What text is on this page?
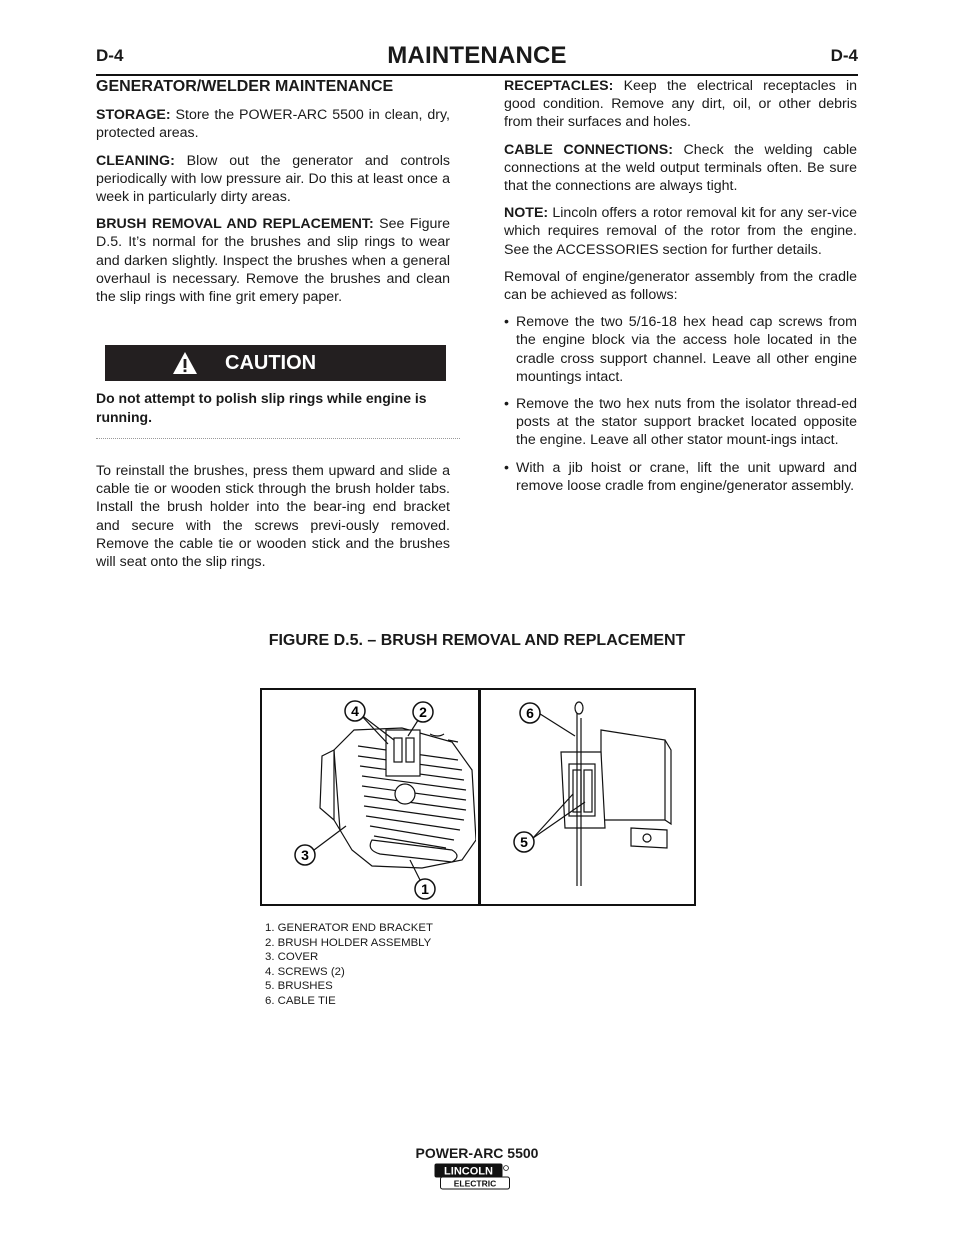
D-4	MAINTENANCE	D-4
GENERATOR/WELDER MAINTENANCE

STORAGE: Store the POWER-ARC 5500 in clean, dry, protected areas.

CLEANING: Blow out the generator and controls periodically with low pressure air. Do this at least once a week in particularly dirty areas.

BRUSH REMOVAL AND REPLACEMENT: See Figure D.5. It’s normal for the brushes and slip rings to wear and darken slightly. Inspect the brushes when a general overhaul is necessary. Remove the brushes and clean the slip rings with fine grit emery paper.

CAUTION
Do not attempt to polish slip rings while engine is running.
To reinstall the brushes, press them upward and slide a cable tie or wooden stick through the brush holder tabs. Install the brush holder into the bear-ing end bracket and secure with the screws previ-ously removed. Remove the cable tie or wooden stick and the brushes will seat onto the slip rings.

RECEPTACLES: Keep the electrical receptacles in good condition. Remove any dirt, oil, or other debris from their surfaces and holes.

CABLE CONNECTIONS: Check the welding cable connections at the weld output terminals often. Be sure that the connections are always tight.

NOTE: Lincoln offers a rotor removal kit for any ser-vice which requires removal of the rotor from the engine. See the ACCESSORIES section for further details.

Removal of engine/generator assembly from the cradle can be achieved as follows:

• Remove the two 5/16-18 hex head cap screws from the engine block via the access hole located in the cradle cross support channel. Leave all other engine mountings intact.
• Remove the two hex nuts from the isolator thread-ed posts at the stator support bracket located opposite the engine. Leave all other stator mount-ings intact.
• With a jib hoist or crane, lift the unit upward and remove loose cradle from engine/generator assembly.
FIGURE D.5. – BRUSH REMOVAL AND REPLACEMENT
4	2
3
1
6
5
1. GENERATOR END BRACKET
2. BRUSH HOLDER ASSEMBLY
3. COVER
4. SCREWS (2)
5. BRUSHES
6. CABLE TIE
POWER-ARC 5500
LINCOLN
ELECTRIC
